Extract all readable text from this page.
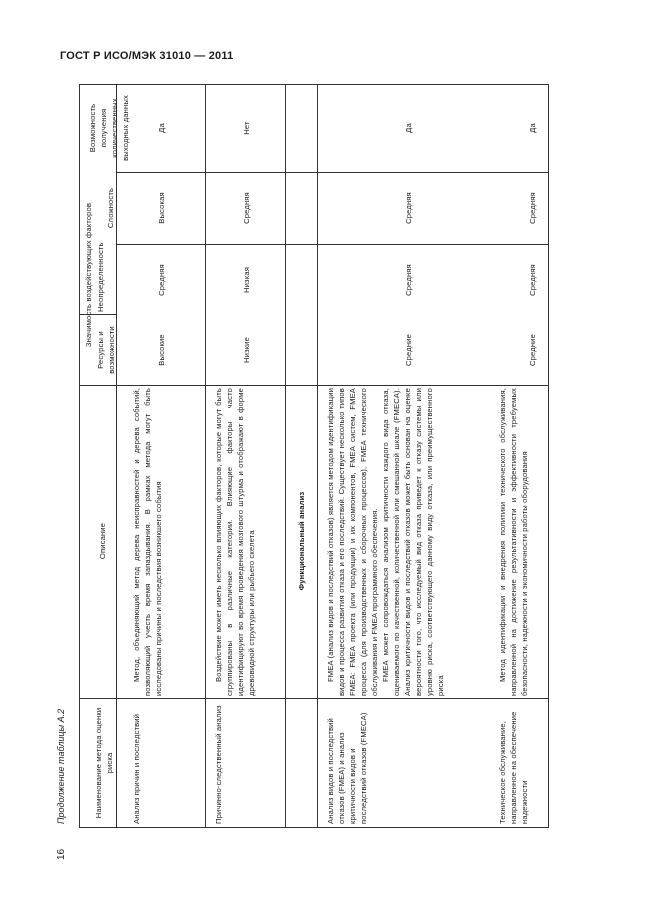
ГОСТ Р ИСО/МЭК 31010 — 2011
Продолжение таблицы А.2
16
Наименование метода оценки риска
Описание
Значимость воздействующих факторов
Ресурсы и возможности
Неопределенность
Сложность
Возможность получения количественных выходных данных
Анализ причин и последствий

Метод, объединяющий метод дерева неисправностей и дерева событий, позволяющий учесть время запаздывания. В рамках метода могут быть исследованы причины и последствия возникшего события

Высокие
Средняя
Высокая
Да
Причинно-следственный анализ

Воздействие может иметь несколько влияющих факторов, которые могут быть сгруппированы в различные категории. Влияющие факторы часто идентифицируют во время проведения мозгового штурма и отображают в форме древовидной структуры или рыбьего скелета

Низкие
Низкая
Средняя
Нет
Функциональный анализ
Анализ видов и последствий отказов (FMEA) и анализ критичности видов и последствий отказов (FMECA)

FMEA (анализ видов и последствий отказов) является методом идентификации видов и процесса развития отказа и его последствий. Существует несколько типов FMEA: FMEA проекта (или продукции) и их компонентов, FMEA систем, FMEA процесса (для производственных и сборочных процессов), FMEA технического обслуживания и FMEA программного обеспечения. FMEA может сопровождаться анализом критичности каждого вида отказа, оцениваемого по качественной, количественной или смешанной шкале (FMECA). Анализ критичности видов и последствий отказов может быть основан на оценке вероятности того, что исследуемый вид отказа приведет к отказу системы или уровню риска, соответствующего данному виду отказа, или преимущественного риска

Средние
Средняя
Средняя
Да
Техническое обслуживание, направленное на обеспечение надежности

Метод идентификации и внедрения политики технического обслуживания, направленной на достижение результативности и эффективности требуемых безопасности, надежности и экономичности работы оборудования

Средние
Средняя
Средняя
Да
